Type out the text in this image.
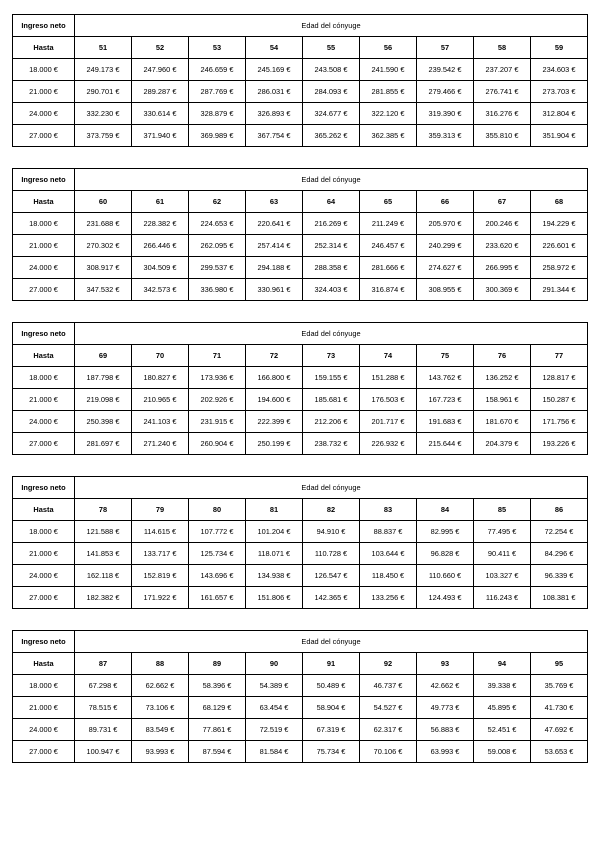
Ingreso neto	Edad del cónyuge								
Hasta	51	52	53	54	55	56	57	58	59
18.000 €	249.173 €	247.960 €	246.659 €	245.169 €	243.508 €	241.590 €	239.542 €	237.207 €	234.603 €
21.000 €	290.701 €	289.287 €	287.769 €	286.031 €	284.093 €	281.855 €	279.466 €	276.741 €	273.703 €
24.000 €	332.230 €	330.614 €	328.879 €	326.893 €	324.677 €	322.120 €	319.390 €	316.276 €	312.804 €
27.000 €	373.759 €	371.940 €	369.989 €	367.754 €	365.262 €	362.385 €	359.313 €	355.810 €	351.904 €
Ingreso neto	Edad del cónyuge								
Hasta	60	61	62	63	64	65	66	67	68
18.000 €	231.688 €	228.382 €	224.653 €	220.641 €	216.269 €	211.249 €	205.970 €	200.246 €	194.229 €
21.000 €	270.302 €	266.446 €	262.095 €	257.414 €	252.314 €	246.457 €	240.299 €	233.620 €	226.601 €
24.000 €	308.917 €	304.509 €	299.537 €	294.188 €	288.358 €	281.666 €	274.627 €	266.995 €	258.972 €
27.000 €	347.532 €	342.573 €	336.980 €	330.961 €	324.403 €	316.874 €	308.955 €	300.369 €	291.344 €
Ingreso neto	Edad del cónyuge								
Hasta	69	70	71	72	73	74	75	76	77
18.000 €	187.798 €	180.827 €	173.936 €	166.800 €	159.155 €	151.288 €	143.762 €	136.252 €	128.817 €
21.000 €	219.098 €	210.965 €	202.926 €	194.600 €	185.681 €	176.503 €	167.723 €	158.961 €	150.287 €
24.000 €	250.398 €	241.103 €	231.915 €	222.399 €	212.206 €	201.717 €	191.683 €	181.670 €	171.756 €
27.000 €	281.697 €	271.240 €	260.904 €	250.199 €	238.732 €	226.932 €	215.644 €	204.379 €	193.226 €
Ingreso neto	Edad del cónyuge								
Hasta	78	79	80	81	82	83	84	85	86
18.000 €	121.588 €	114.615 €	107.772 €	101.204 €	94.910 €	88.837 €	82.995 €	77.495 €	72.254 €
21.000 €	141.853 €	133.717 €	125.734 €	118.071 €	110.728 €	103.644 €	96.828 €	90.411 €	84.296 €
24.000 €	162.118 €	152.819 €	143.696 €	134.938 €	126.547 €	118.450 €	110.660 €	103.327 €	96.339 €
27.000 €	182.382 €	171.922 €	161.657 €	151.806 €	142.365 €	133.256 €	124.493 €	116.243 €	108.381 €
Ingreso neto	Edad del cónyuge								
Hasta	87	88	89	90	91	92	93	94	95
18.000 €	67.298 €	62.662 €	58.396 €	54.389 €	50.489 €	46.737 €	42.662 €	39.338 €	35.769 €
21.000 €	78.515 €	73.106 €	68.129 €	63.454 €	58.904 €	54.527 €	49.773 €	45.895 €	41.730 €
24.000 €	89.731 €	83.549 €	77.861 €	72.519 €	67.319 €	62.317 €	56.883 €	52.451 €	47.692 €
27.000 €	100.947 €	93.993 €	87.594 €	81.584 €	75.734 €	70.106 €	63.993 €	59.008 €	53.653 €
